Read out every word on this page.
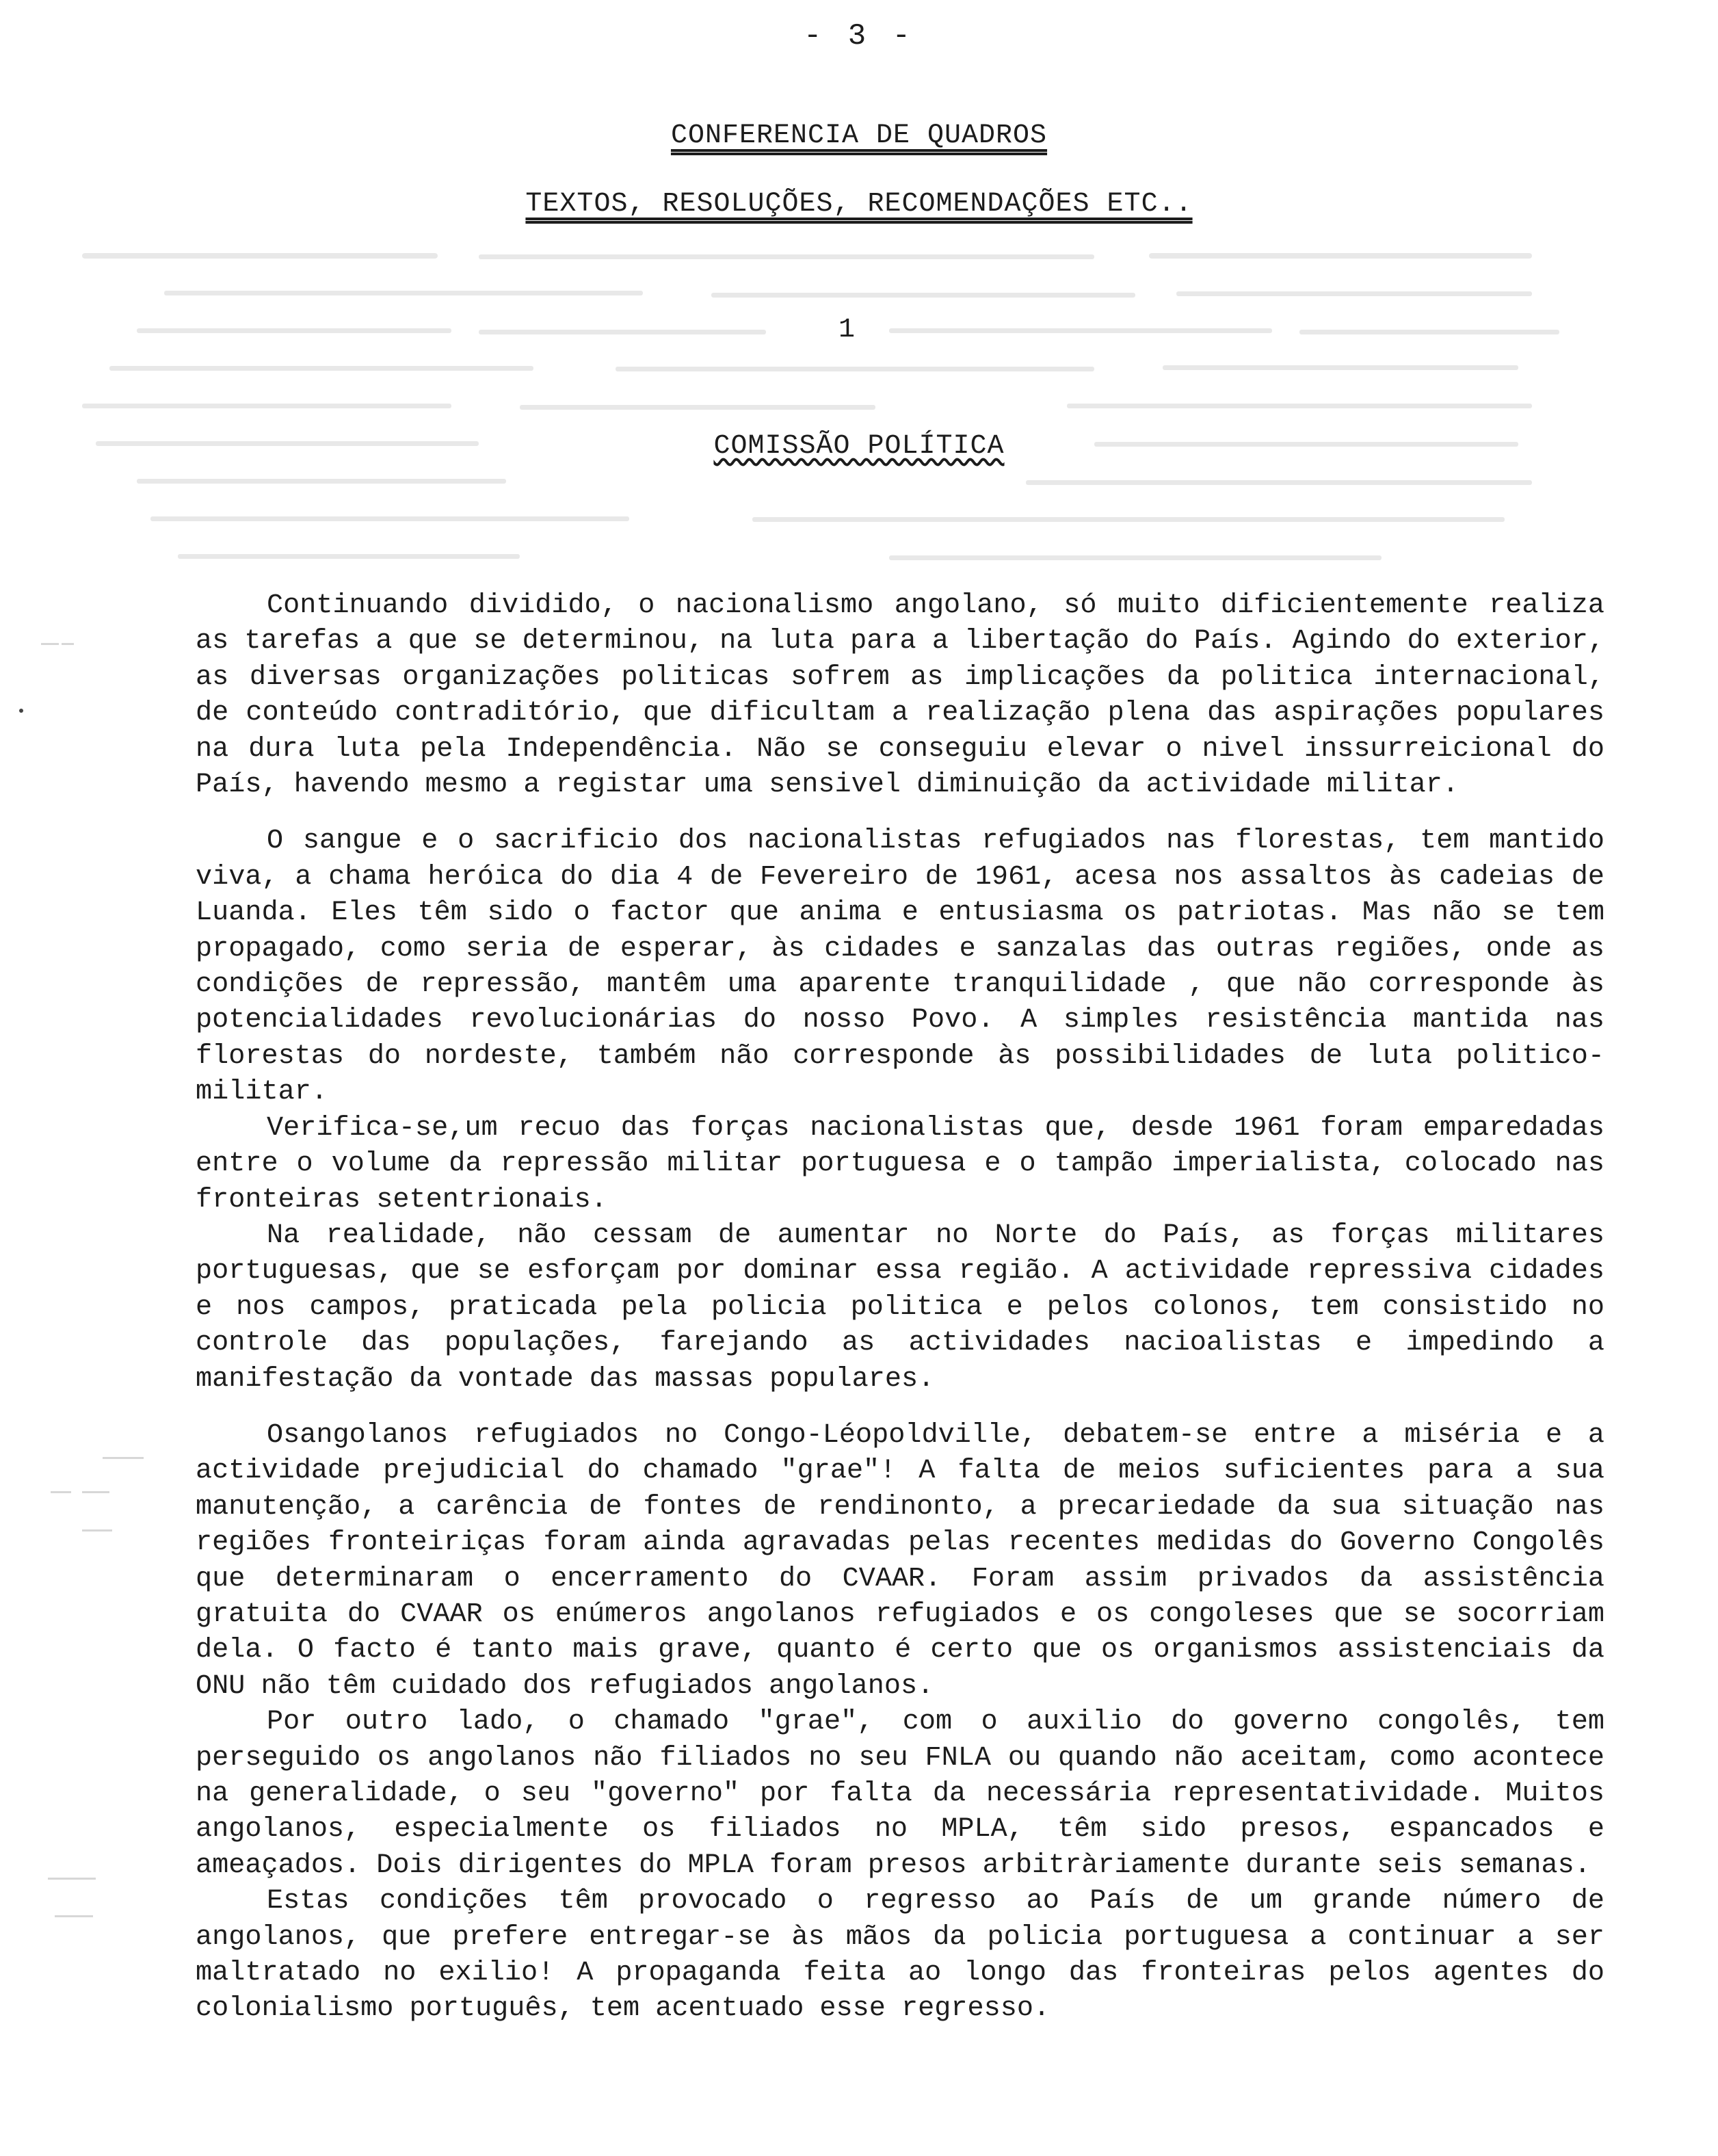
- 3 -
CONFERENCIA DE QUADROS
TEXTOS, RESOLUÇÕES, RECOMENDAÇÕES ETC..
1
COMISSÃO POLÍTICA

Continuando dividido, o nacionalismo angolano, só muito dificientemente realiza as tarefas a que se determinou, na luta para a libertação do País. Agindo do exterior, as diversas organizações politicas sofrem as implicações da politica internacional, de conteúdo contraditório, que dificultam a realização plena das aspirações populares na dura luta pela Independência. Não se conseguiu elevar o nivel inssurreicional do País, havendo mesmo a registar uma sensivel diminuição da actividade militar.

O sangue e o sacrificio dos nacionalistas refugiados nas florestas, tem mantido viva, a chama heróica do dia 4 de Fevereiro de 1961, acesa nos assaltos às cadeias de Luanda. Eles têm sido o factor que anima e entusiasma os patriotas. Mas não se tem propagado, como seria de esperar, às cidades e sanzalas das outras regiões, onde as condições de repressão, mantêm uma aparente tranquilidade , que não corresponde às potencialidades revolucionárias do nosso Povo. A simples resistência mantida nas florestas do nordeste, também não corresponde às possibilidades de luta politico-militar.

Verifica-se,um recuo das forças nacionalistas que, desde 1961 foram emparedadas entre o volume da repressão militar portuguesa e o tampão imperialista, colocado nas fronteiras setentrionais.

Na realidade, não cessam de aumentar no Norte do País, as forças militares portuguesas, que se esforçam por dominar essa região. A actividade repressiva cidades e nos campos, praticada pela policia politica e pelos colonos, tem consistido no controle das populações, farejando as actividades nacioalistas e impedindo a manifestação da vontade das massas populares.

Osangolanos refugiados no Congo-Léopoldville, debatem-se entre a miséria e a actividade prejudicial do chamado "grae"! A falta de meios suficientes para a sua manutenção, a carência de fontes de rendinonto, a precariedade da sua situação nas regiões fronteiriças foram ainda agravadas pelas recentes medidas do Governo Congolês que determinaram o encerramento do CVAAR. Foram assim privados da assistência gratuita do CVAAR os enúmeros angolanos refugiados e os congoleses que se socorriam dela. O facto é tanto mais grave, quanto é certo que os organismos assistenciais da ONU não têm cuidado dos refugiados angolanos.

Por outro lado, o chamado "grae", com o auxilio do governo congolês, tem perseguido os angolanos não filiados no seu FNLA ou quando não aceitam, como acontece na generalidade, o seu "governo" por falta da necessária representatividade. Muitos angolanos, especialmente os filiados no MPLA, têm sido presos, espancados e ameaçados. Dois dirigentes do MPLA foram presos arbitràriamente durante seis semanas.

Estas condições têm provocado o regresso ao País de um grande número de angolanos, que prefere entregar-se às mãos da policia portuguesa a continuar a ser maltratado no exilio! A propaganda feita ao longo das fronteiras pelos agentes do colonialismo português, tem acentuado esse regresso.
